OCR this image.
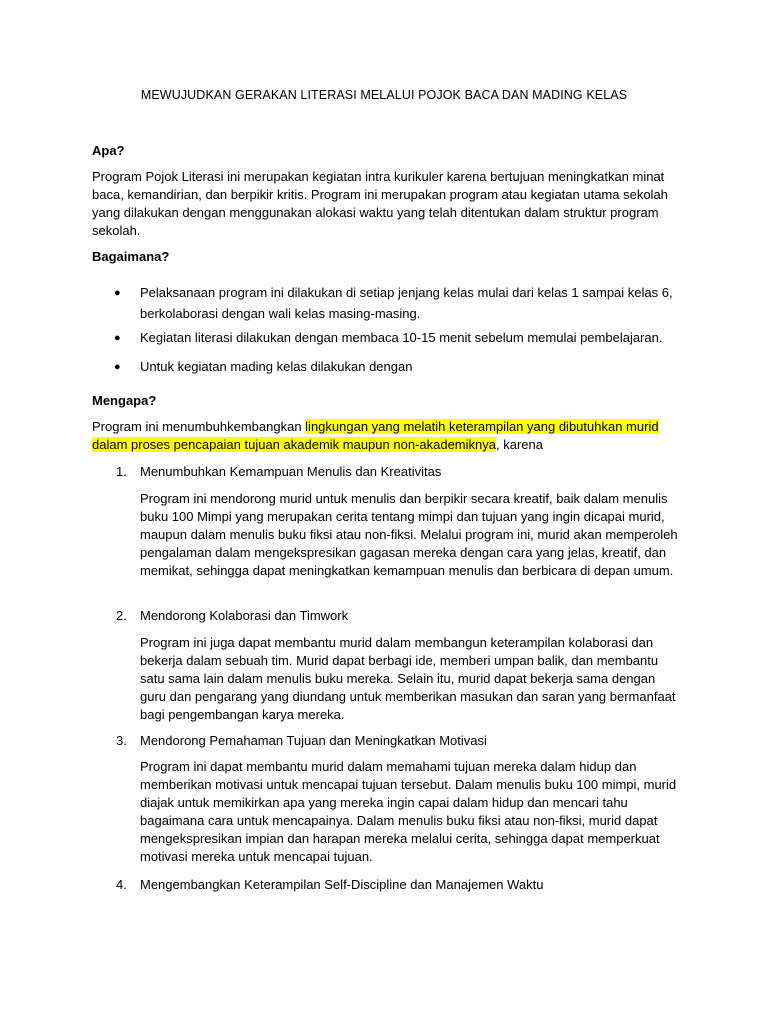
MEWUJUDKAN GERAKAN LITERASI MELALUI POJOK BACA DAN MADING KELAS
Apa?
Program Pojok Literasi ini merupakan kegiatan intra kurikuler karena bertujuan meningkatkan minat baca, kemandirian, dan berpikir kritis. Program ini merupakan program atau kegiatan utama sekolah yang dilakukan dengan menggunakan alokasi waktu yang telah ditentukan dalam struktur program sekolah.
Bagaimana?
● Pelaksanaan program ini dilakukan di setiap jenjang kelas mulai dari kelas 1 sampai kelas 6, berkolaborasi dengan wali kelas masing-masing.
● Kegiatan literasi dilakukan dengan membaca 10-15 menit sebelum memulai pembelajaran.
● Untuk kegiatan mading kelas dilakukan dengan
Mengapa?
Program ini menumbuhkembangkan lingkungan yang melatih keterampilan yang dibutuhkan murid dalam proses pencapaian tujuan akademik maupun non-akademiknya, karena
1. Menumbuhkan Kemampuan Menulis dan Kreativitas
Program ini mendorong murid untuk menulis dan berpikir secara kreatif, baik dalam menulis buku 100 Mimpi yang merupakan cerita tentang mimpi dan tujuan yang ingin dicapai murid, maupun dalam menulis buku fiksi atau non-fiksi. Melalui program ini, murid akan memperoleh pengalaman dalam mengekspresikan gagasan mereka dengan cara yang jelas, kreatif, dan memikat, sehingga dapat meningkatkan kemampuan menulis dan berbicara di depan umum.
2. Mendorong Kolaborasi dan Timwork
Program ini juga dapat membantu murid dalam membangun keterampilan kolaborasi dan bekerja dalam sebuah tim. Murid dapat berbagi ide, memberi umpan balik, dan membantu satu sama lain dalam menulis buku mereka. Selain itu, murid dapat bekerja sama dengan guru dan pengarang yang diundang untuk memberikan masukan dan saran yang bermanfaat bagi pengembangan karya mereka.
3. Mendorong Pemahaman Tujuan dan Meningkatkan Motivasi
Program ini dapat membantu murid dalam memahami tujuan mereka dalam hidup dan memberikan motivasi untuk mencapai tujuan tersebut. Dalam menulis buku 100 mimpi, murid diajak untuk memikirkan apa yang mereka ingin capai dalam hidup dan mencari tahu bagaimana cara untuk mencapainya. Dalam menulis buku fiksi atau non-fiksi, murid dapat mengekspresikan impian dan harapan mereka melalui cerita, sehingga dapat memperkuat motivasi mereka untuk mencapai tujuan.
4. Mengembangkan Keterampilan Self-Discipline dan Manajemen Waktu
